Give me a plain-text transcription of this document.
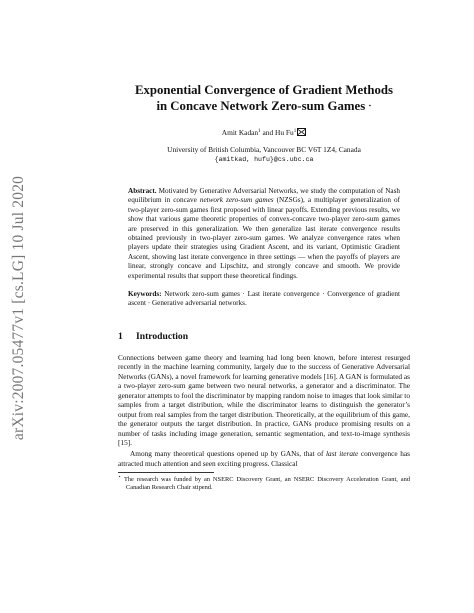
arXiv:2007.05477v1 [cs.LG] 10 Jul 2020
Exponential Convergence of Gradient Methods
in Concave Network Zero-sum Games ⋆
Amit Kadan$^1$ and Hu Fu$^1$
University of British Columbia, Vancouver BC V6T 1Z4, Canada
{amitkad, hufu}@cs.ubc.ca
Abstract. Motivated by Generative Adversarial Networks, we study the computation of Nash equilibrium in concave network zero-sum games (NZSGs), a multiplayer generalization of two-player zero-sum games first proposed with linear payoffs. Extending previous results, we show that various game theoretic properties of convex-concave two-player zero-sum games are preserved in this generalization. We then generalize last iterate convergence results obtained previously in two-player zero-sum games. We analyze convergence rates when players update their strategies using Gradient Ascent, and its variant, Optimistic Gradient Ascent, showing last iterate convergence in three settings — when the payoffs of players are linear, strongly concave and Lipschitz, and strongly concave and smooth. We provide experimental results that support these theoretical findings.
Keywords: Network zero-sum games · Last iterate convergence · Convergence of gradient ascent · Generative adversarial networks.
1 Introduction

Connections between game theory and learning had long been known, before interest resurged recently in the machine learning community, largely due to the success of Generative Adversarial Networks (GANs), a novel framework for learning generative models [16]. A GAN is formulated as a two-player zero-sum game between two neural networks, a generator and a discriminator. The generator attempts to fool the discriminator by mapping random noise to images that look similar to samples from a target distribution, while the discriminator learns to distinguish the generator’s output from real samples from the target distribution. Theoretically, at the equilibrium of this game, the generator outputs the target distribution. In practice, GANs produce promising results on a number of tasks including image generation, semantic segmentation, and text-to-image synthesis [15].

Among many theoretical questions opened up by GANs, that of last iterate convergence has attracted much attention and seen exciting progress. Classical

⋆ The research was funded by an NSERC Discovery Grant, an NSERC Discovery Acceleration Grant, and Canadian Research Chair stipend.
